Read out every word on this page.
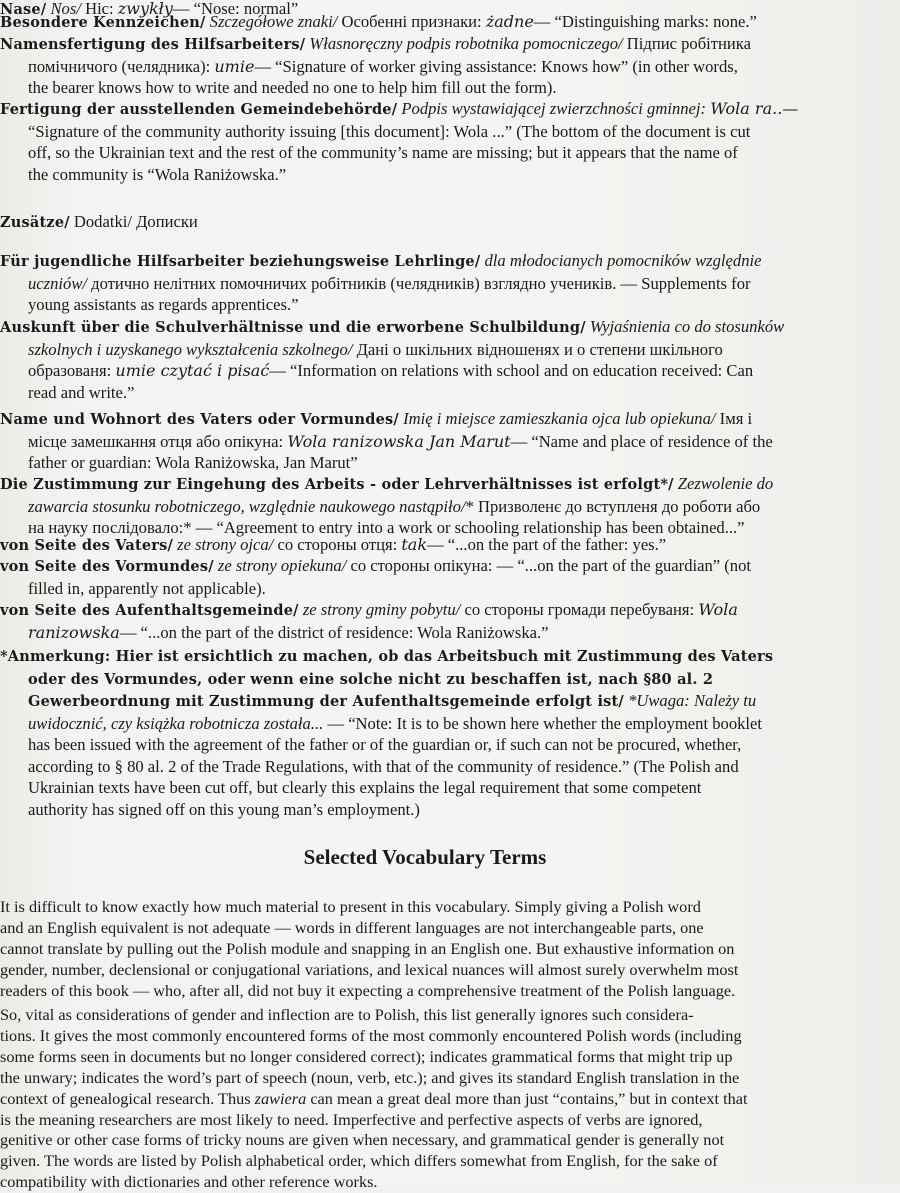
Nase/ Nos/ Hic: zwykły— “Nose: normal”
Besondere Kennzeichen/ Szczegółowe znaki/ Особенні признаки: żadne— “Distinguishing marks: none.”
Namensfertigung des Hilfsarbeiters/ Własnoręczny podpis robotnika pomocniczego/ Підпис робітника
помічничого (челядника): umie— “Signature of worker giving assistance: Knows how” (in other words,
the bearer knows how to write and needed no one to help him fill out the form).
Fertigung der ausstellenden Gemeindebehörde/ Podpis wystawiającej zwierzchności gminnej: Wola ra..—
“Signature of the community authority issuing [this document]: Wola ...” (The bottom of the document is cut
off, so the Ukrainian text and the rest of the community’s name are missing; but it appears that the name of
the community is “Wola Raniżowska.”
Zusätze/ Dodatki/ Дописки
Für jugendliche Hilfsarbeiter beziehungsweise Lehrlinge/ dla młodocianych pomocników względnie
uczniów/ дотично нелітних помочничих робітників (челядників) взглядно учеників. — Supplements for
young assistants as regards apprentices.”
Auskunft über die Schulverhältnisse und die erworbene Schulbildung/ Wyjaśnienia co do stosunków
szkolnych i uzyskanego wykształcenia szkolnego/ Дані о шкільних відношенях и о степени шкільного
образованя: umie czytać i pisać— “Information on relations with school and on education received: Can
read and write.”
Name und Wohnort des Vaters oder Vormundes/ Imię i miejsce zamieszkania ojca lub opiekuna/ Імя і
місце замешкання отця або опікуна: Wola ranizowska Jan Marut— “Name and place of residence of the
father or guardian: Wola Raniżowska, Jan Marut”
Die Zustimmung zur Eingehung des Arbeits - oder Lehrverhältnisses ist erfolgt*/ Zezwolenie do
zawarcia stosunku robotniczego, względnie naukowego nastąpiło/* Призволенє до вступленя до роботи або
на науку послідовало:* — “Agreement to entry into a work or schooling relationship has been obtained...”
von Seite des Vaters/ ze strony ojca/ со стороны отця: tak— “...on the part of the father: yes.”
von Seite des Vormundes/ ze strony opiekuna/ со стороны опікуна: — “...on the part of the guardian” (not
filled in, apparently not applicable).
von Seite des Aufenthaltsgemeinde/ ze strony gminy pobytu/ со стороны громади перебуваня: Wola
ranizowska— “...on the part of the district of residence: Wola Raniżowska.”
*Anmerkung: Hier ist ersichtlich zu machen, ob das Arbeitsbuch mit Zustimmung des Vaters
oder des Vormundes, oder wenn eine solche nicht zu beschaffen ist, nach §80 al. 2
Gewerbeordnung mit Zustimmung der Aufenthaltsgemeinde erfolgt ist/ *Uwaga: Należy tu
uwidocznić, czy książka robotnicza została... — “Note: It is to be shown here whether the employment booklet
has been issued with the agreement of the father or of the guardian or, if such can not be procured, whether,
according to § 80 al. 2 of the Trade Regulations, with that of the community of residence.” (The Polish and
Ukrainian texts have been cut off, but clearly this explains the legal requirement that some competent
authority has signed off on this young man’s employment.)
Selected Vocabulary Terms
It is difficult to know exactly how much material to present in this vocabulary. Simply giving a Polish word
and an English equivalent is not adequate — words in different languages are not interchangeable parts, one
cannot translate by pulling out the Polish module and snapping in an English one. But exhaustive information on
gender, number, declensional or conjugational variations, and lexical nuances will almost surely overwhelm most
readers of this book — who, after all, did not buy it expecting a comprehensive treatment of the Polish language.
So, vital as considerations of gender and inflection are to Polish, this list generally ignores such considera-
tions. It gives the most commonly encountered forms of the most commonly encountered Polish words (including
some forms seen in documents but no longer considered correct); indicates grammatical forms that might trip up
the unwary; indicates the word’s part of speech (noun, verb, etc.); and gives its standard English translation in the
context of genealogical research. Thus zawiera can mean a great deal more than just “contains,” but in context that
is the meaning researchers are most likely to need. Imperfective and perfective aspects of verbs are ignored,
genitive or other case forms of tricky nouns are given when necessary, and grammatical gender is generally not
given. The words are listed by Polish alphabetical order, which differs somewhat from English, for the sake of
compatibility with dictionaries and other reference works.
